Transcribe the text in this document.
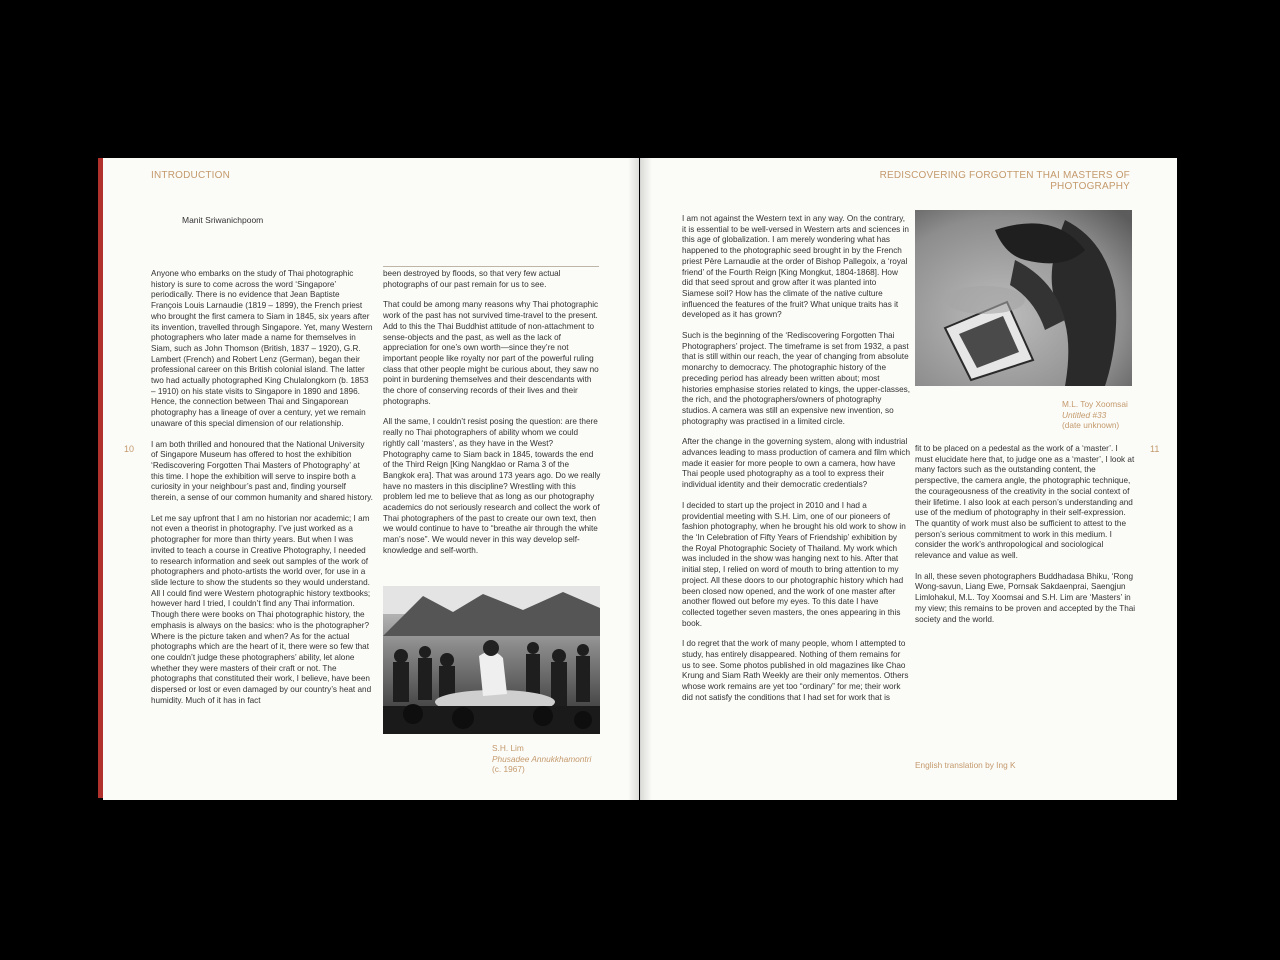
INTRODUCTION
10
Manit Sriwanichpoom

Anyone who embarks on the study of Thai photographic history is sure to come across the word ‘Singapore’ periodically. There is no evidence that Jean Baptiste François Louis Larnaudie (1819 – 1899), the French priest who brought the first camera to Siam in 1845, six years after its invention, travelled through Singapore. Yet, many Western photographers who later made a name for themselves in Siam, such as John Thomson (British, 1837 – 1920), G.R. Lambert (French) and Robert Lenz (German), began their professional career on this British colonial island. The latter two had actually photographed King Chulalongkorn (b. 1853 – 1910) on his state visits to Singapore in 1890 and 1896. Hence, the connection between Thai and Singaporean photography has a lineage of over a century, yet we remain unaware of this special dimension of our relationship.

I am both thrilled and honoured that the National University of Singapore Museum has offered to host the exhibition ‘Rediscovering Forgotten Thai Masters of Photography’ at this time. I hope the exhibition will serve to inspire both a curiosity in your neighbour’s past and, finding yourself therein, a sense of our common humanity and shared history.

Let me say upfront that I am no historian nor academic; I am not even a theorist in photography. I’ve just worked as a photographer for more than thirty years. But when I was invited to teach a course in Creative Photography, I needed to research information and seek out samples of the work of photographers and photo-artists the world over, for use in a slide lecture to show the students so they would understand. All I could find were Western photographic history textbooks; however hard I tried, I couldn’t find any Thai information. Though there were books on Thai photographic history, the emphasis is always on the basics: who is the photographer? Where is the picture taken and when? As for the actual photographs which are the heart of it, there were so few that one couldn’t judge these photographers’ ability, let alone whether they were masters of their craft or not. The photographs that constituted their work, I believe, have been dispersed or lost or even damaged by our country’s heat and humidity. Much of it has in fact

been destroyed by floods, so that very few actual photographs of our past remain for us to see.

That could be among many reasons why Thai photographic work of the past has not survived time-travel to the present. Add to this the Thai Buddhist attitude of non-attachment to sense-objects and the past, as well as the lack of appreciation for one’s own worth—since they’re not important people like royalty nor part of the powerful ruling class that other people might be curious about, they saw no point in burdening themselves and their descendants with the chore of conserving records of their lives and their photographs.

All the same, I couldn’t resist posing the question: are there really no Thai photographers of ability whom we could rightly call ‘masters’, as they have in the West? Photography came to Siam back in 1845, towards the end of the Third Reign [King Nangklao or Rama 3 of the Bangkok era]. That was around 173 years ago. Do we really have no masters in this discipline? Wrestling with this problem led me to believe that as long as our photography academics do not seriously research and collect the work of Thai photographers of the past to create our own text, then we would continue to have to “breathe air through the white man’s nose”. We would never in this way develop self-knowledge and self-worth.

S.H. Lim
Phusadee Annukkhamontri
(c. 1967)
REDISCOVERING FORGOTTEN THAI MASTERS OF PHOTOGRAPHY
11

I am not against the Western text in any way. On the contrary, it is essential to be well-versed in Western arts and sciences in this age of globalization. I am merely wondering what has happened to the photographic seed brought in by the French priest Père Larnaudie at the order of Bishop Pallegoix, a ‘royal friend’ of the Fourth Reign [King Mongkut, 1804-1868]. How did that seed sprout and grow after it was planted into Siamese soil? How has the climate of the native culture influenced the features of the fruit? What unique traits has it developed as it has grown?

Such is the beginning of the ‘Rediscovering Forgotten Thai Photographers’ project. The timeframe is set from 1932, a past that is still within our reach, the year of changing from absolute monarchy to democracy. The photographic history of the preceding period has already been written about; most histories emphasise stories related to kings, the upper-classes, the rich, and the photographers/owners of photography studios. A camera was still an expensive new invention, so photography was practised in a limited circle.

After the change in the governing system, along with industrial advances leading to mass production of camera and film which made it easier for more people to own a camera, how have Thai people used photography as a tool to express their individual identity and their democratic credentials?

I decided to start up the project in 2010 and I had a providential meeting with S.H. Lim, one of our pioneers of fashion photography, when he brought his old work to show in the ‘In Celebration of Fifty Years of Friendship’ exhibition by the Royal Photographic Society of Thailand. My work which was included in the show was hanging next to his. After that initial step, I relied on word of mouth to bring attention to my project. All these doors to our photographic history which had been closed now opened, and the work of one master after another flowed out before my eyes. To this date I have collected together seven masters, the ones appearing in this book.

I do regret that the work of many people, whom I attempted to study, has entirely disappeared. Nothing of them remains for us to see. Some photos published in old magazines like Chao Krung and Siam Rath Weekly are their only mementos. Others whose work remains are yet too “ordinary” for me; their work did not satisfy the conditions that I had set for work that is

M.L. Toy Xoomsai
Untitled #33
(date unknown)

fit to be placed on a pedestal as the work of a ‘master’. I must elucidate here that, to judge one as a ‘master’, I look at many factors such as the outstanding content, the perspective, the camera angle, the photographic technique, the courageousness of the creativity in the social context of their lifetime. I also look at each person’s understanding and use of the medium of photography in their self-expression. The quantity of work must also be sufficient to attest to the person’s serious commitment to work in this medium. I consider the work’s anthropological and sociological relevance and value as well.

In all, these seven photographers Buddhadasa Bhiku, ‘Rong Wong-savun, Liang Ewe, Pornsak Sakdaenprai, Saengjun Limlohakul, M.L. Toy Xoomsai and S.H. Lim are ‘Masters’ in my view; this remains to be proven and accepted by the Thai society and the world.

English translation by Ing K
